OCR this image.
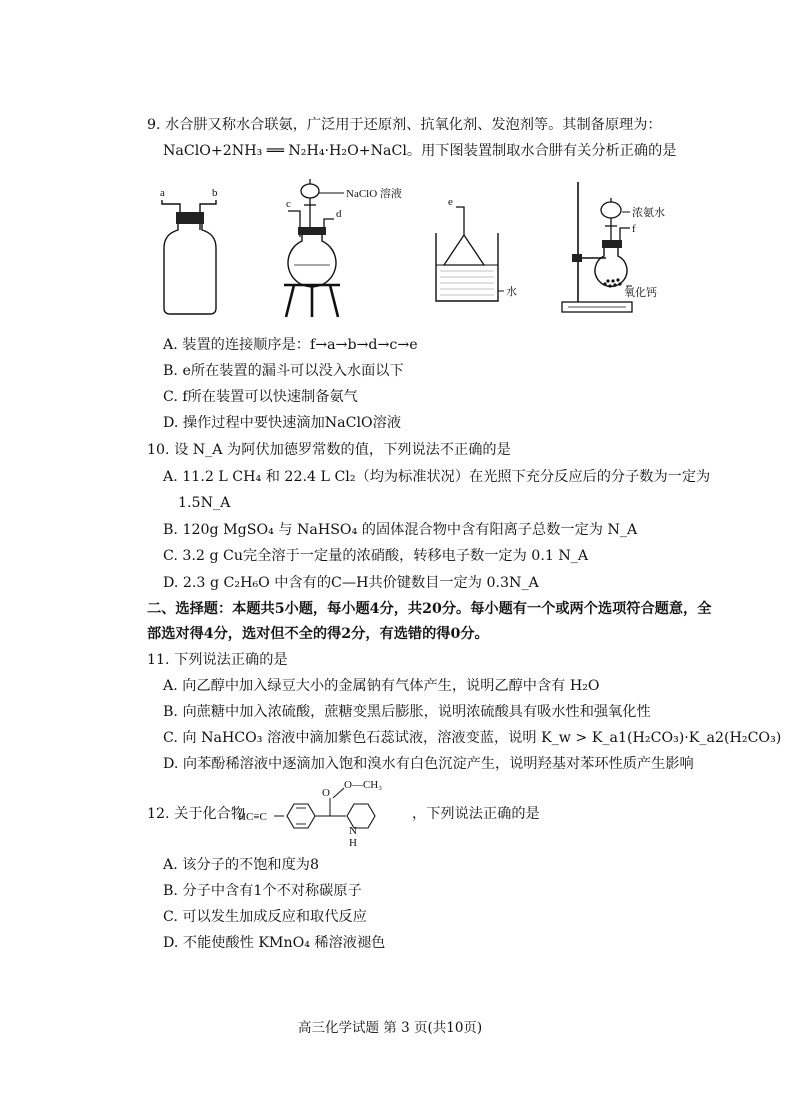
9. 水合肼又称水合联氨，广泛用于还原剂、抗氧化剂、发泡剂等。其制备原理为：
NaClO+2NH₃ ══ N₂H₄·H₂O+NaCl。用下图装置制取水合肼有关分析正确的是
a	b	NaClO 溶液
c
d
e
水
浓氨水
f
氧化钙
A. 装置的连接顺序是：f→a→b→d→c→e
B. e所在装置的漏斗可以没入水面以下
C. f所在装置可以快速制备氨气
D. 操作过程中要快速滴加NaClO溶液
10. 设 N_A 为阿伏加德罗常数的值，下列说法不正确的是
A. 11.2 L CH₄ 和 22.4 L Cl₂（均为标准状况）在光照下充分反应后的分子数为一定为
1.5N_A
B. 120g MgSO₄ 与 NaHSO₄ 的固体混合物中含有阳离子总数一定为 N_A
C. 3.2 g Cu完全溶于一定量的浓硝酸，转移电子数一定为 0.1 N_A
D. 2.3 g C₂H₆O 中含有的C—H共价键数目一定为 0.3N_A
二、选择题：本题共5小题，每小题4分，共20分。每小题有一个或两个选项符合题意，全
部选对得4分，选对但不全的得2分，有选错的得0分。
11. 下列说法正确的是
A. 向乙醇中加入绿豆大小的金属钠有气体产生，说明乙醇中含有 H₂O
B. 向蔗糖中加入浓硫酸，蔗糖变黑后膨胀，说明浓硫酸具有吸水性和强氧化性
C. 向 NaHCO₃ 溶液中滴加紫色石蕊试液，溶液变蓝，说明 K_w > K_a1(H₂CO₃)·K_a2(H₂CO₃)
D. 向苯酚稀溶液中逐滴加入饱和溴水有白色沉淀产生，说明羟基对苯环性质产生影响
12. 关于化合物
HC≡C
O
O—CH₃
N
H
，下列说法正确的是
A. 该分子的不饱和度为8
B. 分子中含有1个不对称碳原子
C. 可以发生加成反应和取代反应
D. 不能使酸性 KMnO₄ 稀溶液褪色
高三化学试题 第 3 页(共10页)
